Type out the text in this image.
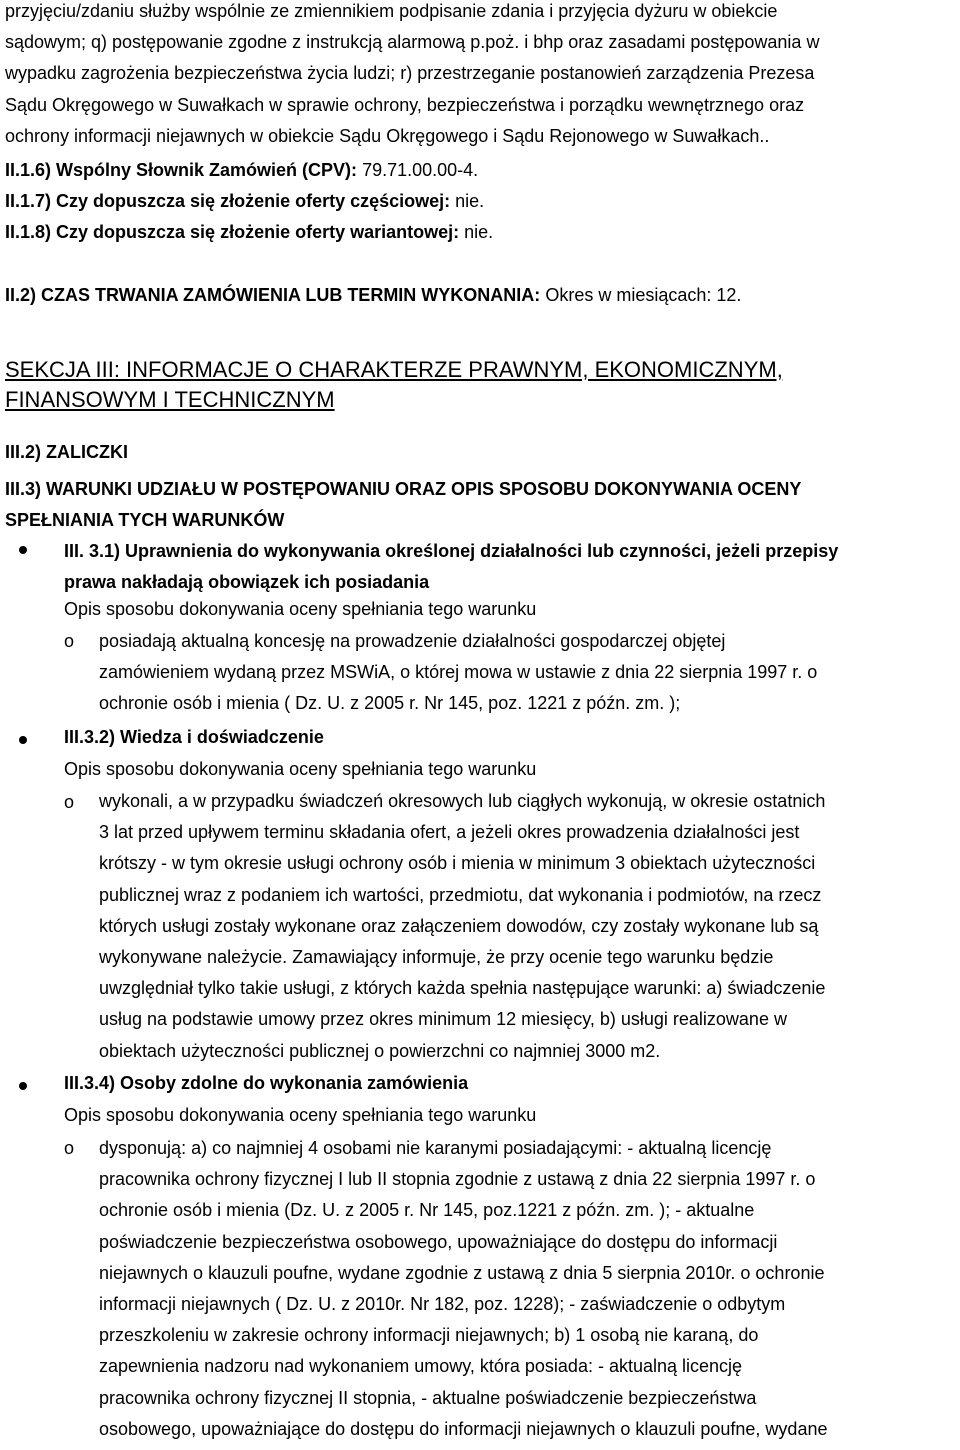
przyjęciu/zdaniu służby wspólnie ze zmiennikiem podpisanie zdania i przyjęcia dyżuru w obiekcie
sądowym; q) postępowanie zgodne z instrukcją alarmową p.poż. i bhp oraz zasadami postępowania w
wypadku zagrożenia bezpieczeństwa życia ludzi; r) przestrzeganie postanowień zarządzenia Prezesa
Sądu Okręgowego w Suwałkach w sprawie ochrony, bezpieczeństwa i porządku wewnętrznego oraz
ochrony informacji niejawnych w obiekcie Sądu Okręgowego i Sądu Rejonowego w Suwałkach..
II.1.6) Wspólny Słownik Zamówień (CPV): 79.71.00.00-4.
II.1.7) Czy dopuszcza się złożenie oferty częściowej: nie.
II.1.8) Czy dopuszcza się złożenie oferty wariantowej: nie.
II.2) CZAS TRWANIA ZAMÓWIENIA LUB TERMIN WYKONANIA: Okres w miesiącach: 12.
SEKCJA III: INFORMACJE O CHARAKTERZE PRAWNYM, EKONOMICZNYM,
FINANSOWYM I TECHNICZNYM
III.2) ZALICZKI
III.3) WARUNKI UDZIAŁU W POSTĘPOWANIU ORAZ OPIS SPOSOBU DOKONYWANIA OCENY
SPEŁNIANIA TYCH WARUNKÓW
III. 3.1) Uprawnienia do wykonywania określonej działalności lub czynności, jeżeli przepisy
prawa nakładają obowiązek ich posiadania
Opis sposobu dokonywania oceny spełniania tego warunku
o posiadają aktualną koncesję na prowadzenie działalności gospodarczej objętej
zamówieniem wydaną przez MSWiA, o której mowa w ustawie z dnia 22 sierpnia 1997 r. o
ochronie osób i mienia ( Dz. U. z 2005 r. Nr 145, poz. 1221 z późn. zm. );
III.3.2) Wiedza i doświadczenie
Opis sposobu dokonywania oceny spełniania tego warunku
o wykonali, a w przypadku świadczeń okresowych lub ciągłych wykonują, w okresie ostatnich
3 lat przed upływem terminu składania ofert, a jeżeli okres prowadzenia działalności jest
krótszy - w tym okresie usługi ochrony osób i mienia w minimum 3 obiektach użyteczności
publicznej wraz z podaniem ich wartości, przedmiotu, dat wykonania i podmiotów, na rzecz
których usługi zostały wykonane oraz załączeniem dowodów, czy zostały wykonane lub są
wykonywane należycie. Zamawiający informuje, że przy ocenie tego warunku będzie
uwzględniał tylko takie usługi, z których każda spełnia następujące warunki: a) świadczenie
usług na podstawie umowy przez okres minimum 12 miesięcy, b) usługi realizowane w
obiektach użyteczności publicznej o powierzchni co najmniej 3000 m2.
III.3.4) Osoby zdolne do wykonania zamówienia
Opis sposobu dokonywania oceny spełniania tego warunku
o dysponują: a) co najmniej 4 osobami nie karanymi posiadającymi: - aktualną licencję
pracownika ochrony fizycznej I lub II stopnia zgodnie z ustawą z dnia 22 sierpnia 1997 r. o
ochronie osób i mienia (Dz. U. z 2005 r. Nr 145, poz.1221 z późn. zm. ); - aktualne
poświadczenie bezpieczeństwa osobowego, upoważniające do dostępu do informacji
niejawnych o klauzuli poufne, wydane zgodnie z ustawą z dnia 5 sierpnia 2010r. o ochronie
informacji niejawnych ( Dz. U. z 2010r. Nr 182, poz. 1228); - zaświadczenie o odbytym
przeszkoleniu w zakresie ochrony informacji niejawnych; b) 1 osobą nie karaną, do
zapewnienia nadzoru nad wykonaniem umowy, która posiada: - aktualną licencję
pracownika ochrony fizycznej II stopnia, - aktualne poświadczenie bezpieczeństwa
osobowego, upoważniające do dostępu do informacji niejawnych o klauzuli poufne, wydane
